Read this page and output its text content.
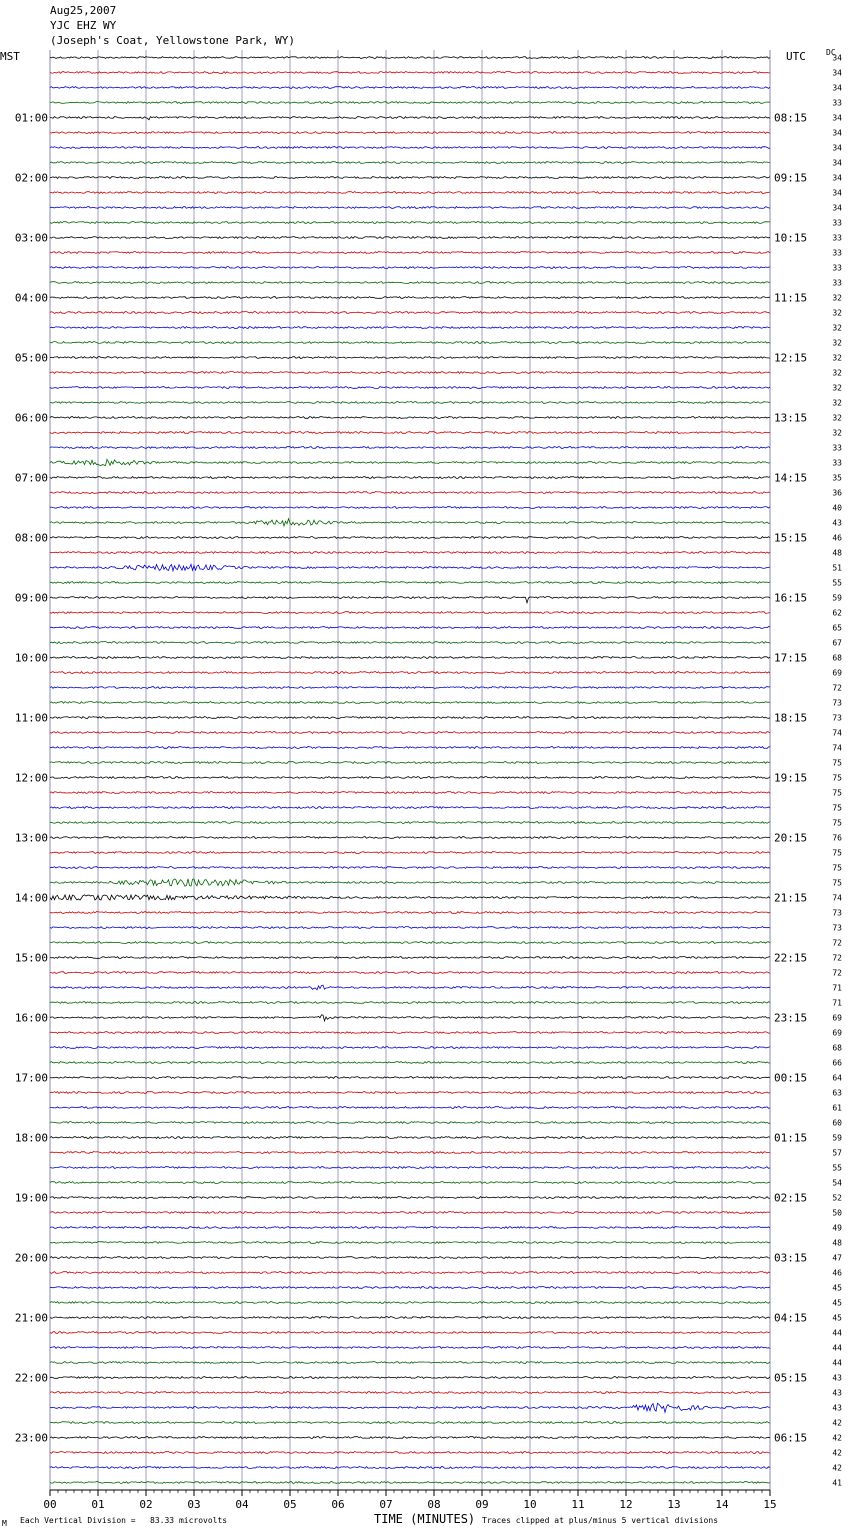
Aug25,2007
YJC EHZ WY
(Joseph's Coat, Yellowstone Park, WY)
MST	UTC	DC
00	01	02	03	04	05	06	07	08	09	10	11	12	13	14	15
34
34
34
33
34
01:00	08:15
34
34
34
34
02:00	09:15
34
34
33
33
03:00	10:15
33
33
33
32
04:00	11:15
32
32
32
32
05:00	12:15
32
32
32
32
06:00	13:15
32
33
33
35
07:00	14:15
36
40
43
46
08:00	15:15
48
51
55
59
09:00	16:15
62
65
67
68
10:00	17:15
69
72
73
73
11:00	18:15
74
74
75
75
12:00	19:15
75
75
75
76
13:00	20:15
75
75
75
74
14:00	21:15
73
73
72
72
15:00	22:15
72
71
71
69
16:00	23:15
69
68
66
64
17:00	00:15
63
61
60
59
18:00	01:15
57
55
54
52
19:00	02:15
50
49
48
47
20:00	03:15
46
45
45
45
21:00	04:15
44
44
44
43
22:00	05:15
43
43
42
42
23:00	06:15
42
42
41
TIME (MINUTES)
M Each Vertical Division =   83.33 microvolts	Traces clipped at plus/minus 5 vertical divisions
